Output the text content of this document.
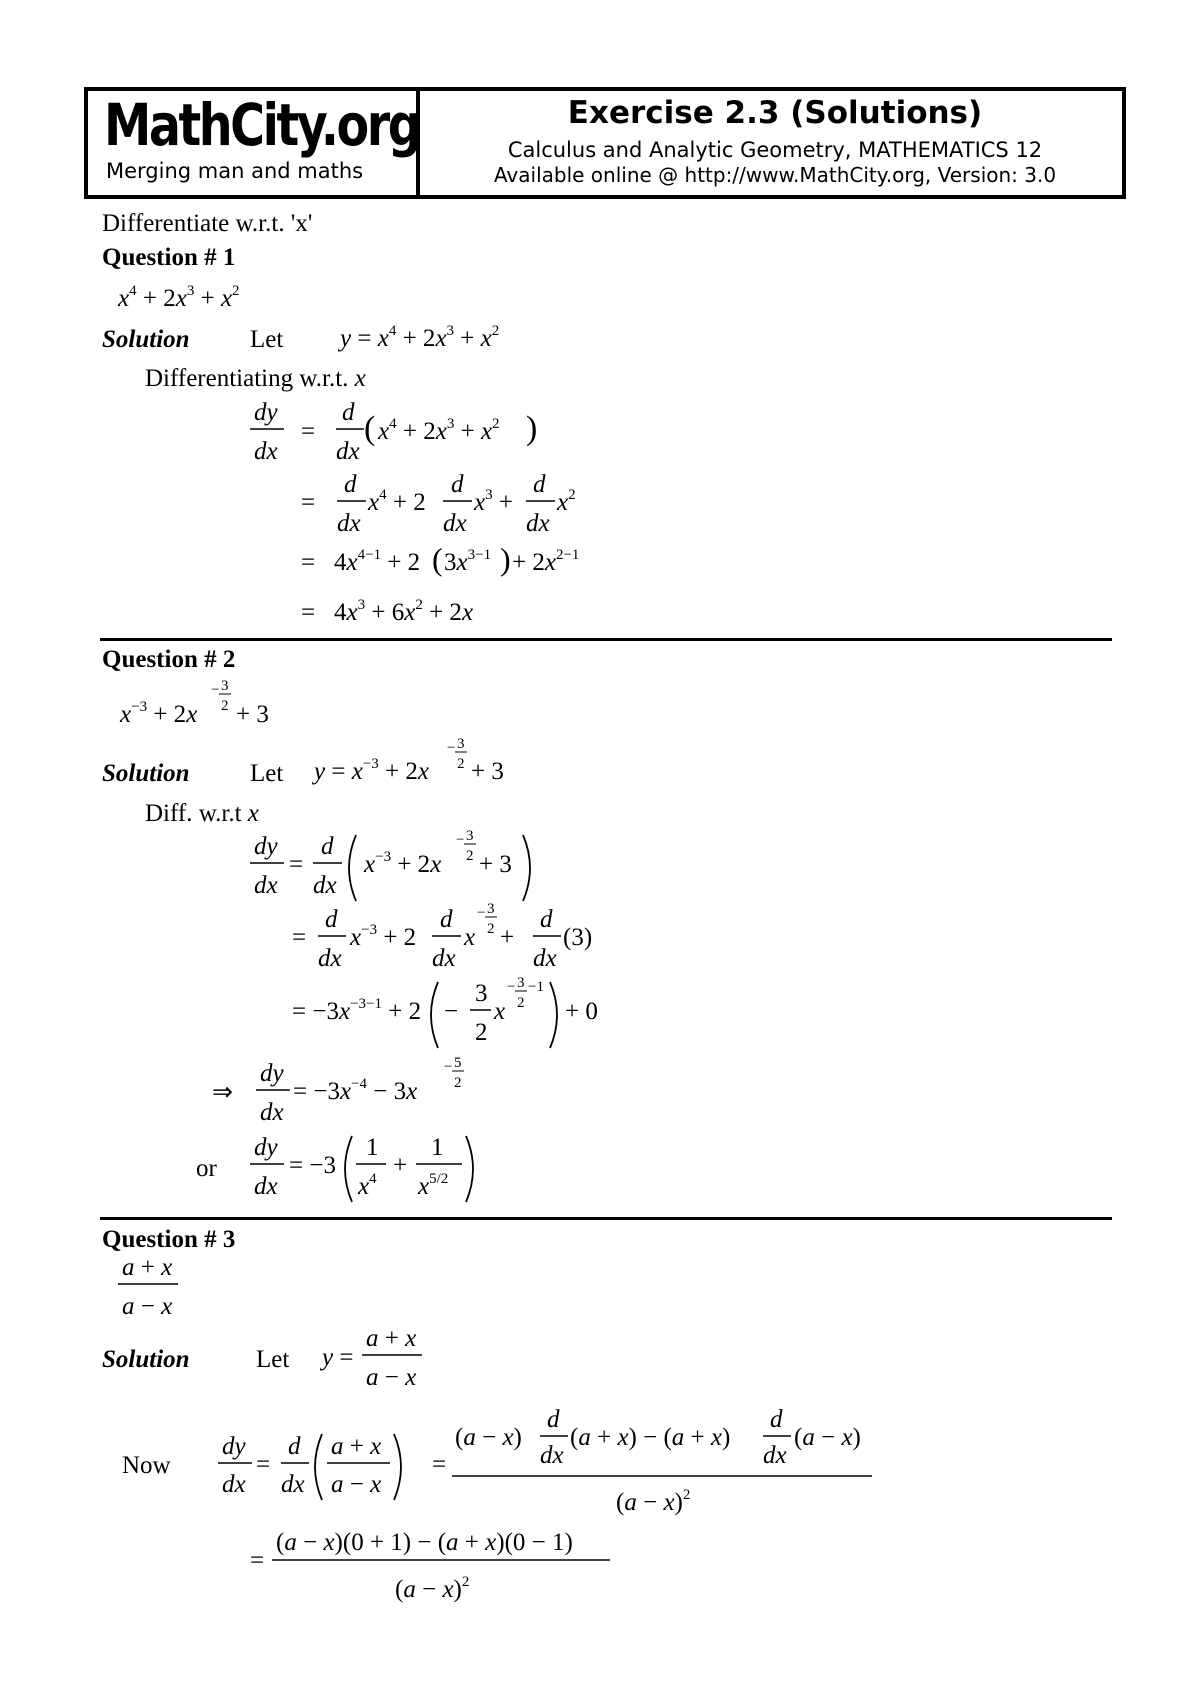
MathCity.org
Merging man and maths
Exercise 2.3 (Solutions)
Calculus and Analytic Geometry, MATHEMATICS 12
Available online @ http://www.MathCity.org, Version: 3.0
Differentiate w.r.t. 'x'
Question # 1
$x^4 + 2x^3 + x^2$
$y = x^4 + 2x^3 + x^2$
dy
dx
=
d
dx
( $x^4 + 2x^3 + x^2$ )
=
d
dx
$x^4 + 2$
d
dx
$x^3$ +
d
dx
$x^2$
= $4x^{4-1} + 2$ ( $3x^{3-1}$ ) + $2x^{2-1}$
= $4x^3 + 6x^2 + 2x$
$x^{-3} + 2x$
− 3
2 + 3
$y = x^{-3} + 2x$
− 3
2 + 3
dy
dx
=
d
dx
$x^{-3} + 2x$
− 3
2 + 3
=
d
dx
$x^{-3} + 2$
d
dx
x
− 3
2 +
d
dx
(3)
= $-3x^{-3-1} + 2$ −
3
2
x
− 3
2
−1
+ 0
⇒
dy
dx
= $-3x^{-4} - 3x$
− 5
2
dy
dx
= −3
1
$x^4$ +
1
$x^{5/2}$
a + x
a − x
y =
a + x
a − x
dy
dx
=
d
dx
a + x
a − x
=
(a − x)
d
dx
(a + x) − (a + x)
d
dx
(a − x)
$(a - x)^2$
=
(a − x)(0 + 1) − (a + x)(0 − 1)
$(a - x)^2$
Solution Let
Differentiating w.r.t. x
Question # 2
Solution Let
Diff. w.r.t x
or
Question # 3
Solution	Let
Now
